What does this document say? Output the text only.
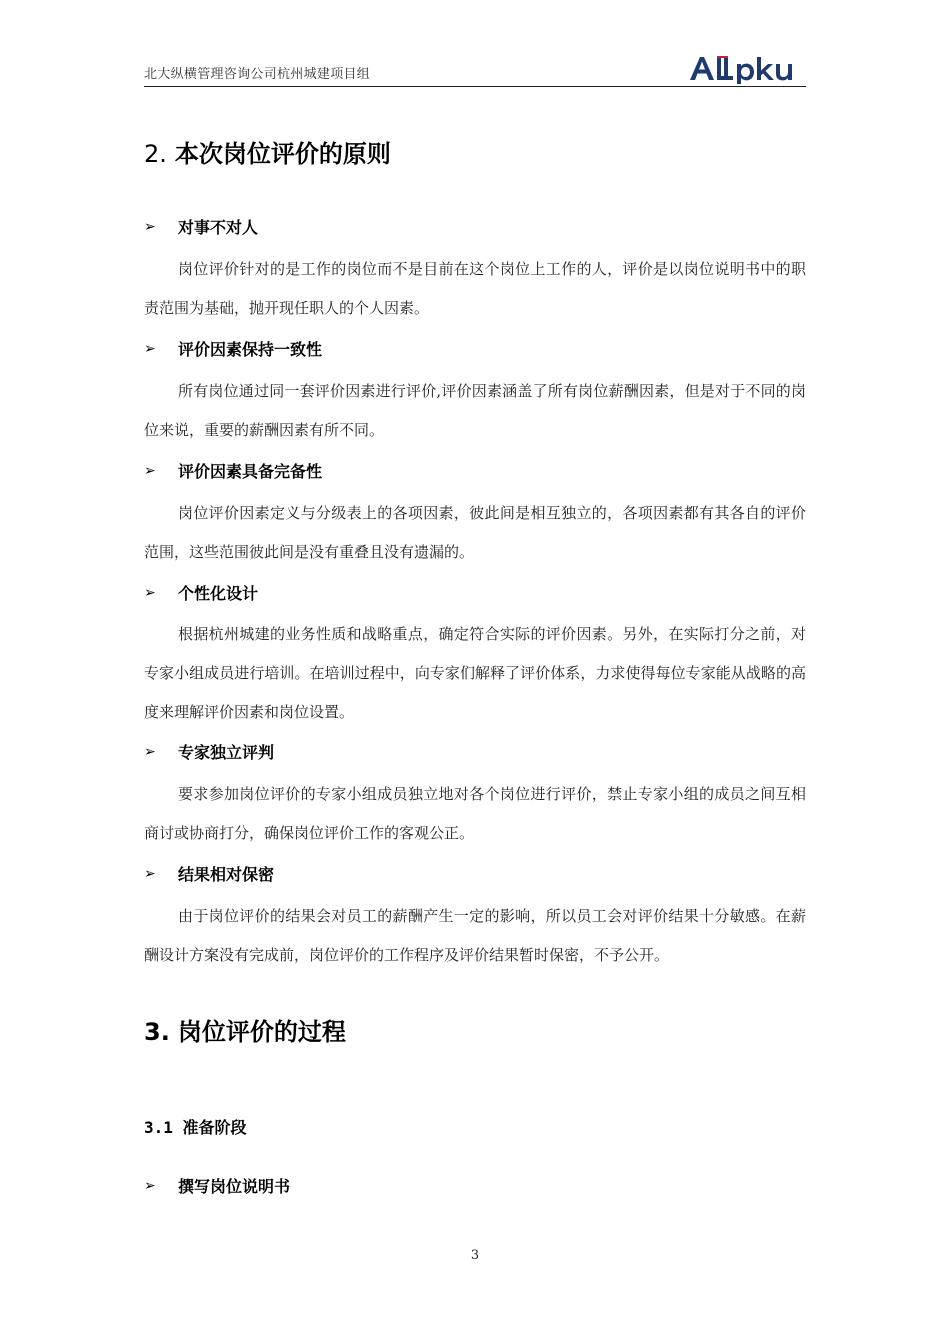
北大纵横管理咨询公司杭州城建项目组
2. 本次岗位评价的原则
➢	对事不对人

岗位评价针对的是工作的岗位而不是目前在这个岗位上工作的人，评价是以岗位说明书中的职责范围为基础，抛开现任职人的个人因素。

➢	评价因素保持一致性

所有岗位通过同一套评价因素进行评价,评价因素涵盖了所有岗位薪酬因素，但是对于不同的岗位来说，重要的薪酬因素有所不同。

➢	评价因素具备完备性

岗位评价因素定义与分级表上的各项因素，彼此间是相互独立的，各项因素都有其各自的评价范围，这些范围彼此间是没有重叠且没有遗漏的。

➢	个性化设计

根据杭州城建的业务性质和战略重点，确定符合实际的评价因素。另外，在实际打分之前，对专家小组成员进行培训。在培训过程中，向专家们解释了评价体系，力求使得每位专家能从战略的高度来理解评价因素和岗位设置。

➢	专家独立评判

要求参加岗位评价的专家小组成员独立地对各个岗位进行评价，禁止专家小组的成员之间互相商讨或协商打分，确保岗位评价工作的客观公正。

➢	结果相对保密

由于岗位评价的结果会对员工的薪酬产生一定的影响，所以员工会对评价结果十分敏感。在薪酬设计方案没有完成前，岗位评价的工作程序及评价结果暂时保密，不予公开。

3. 岗位评价的过程
3.1 准备阶段
➢	撰写岗位说明书
3
